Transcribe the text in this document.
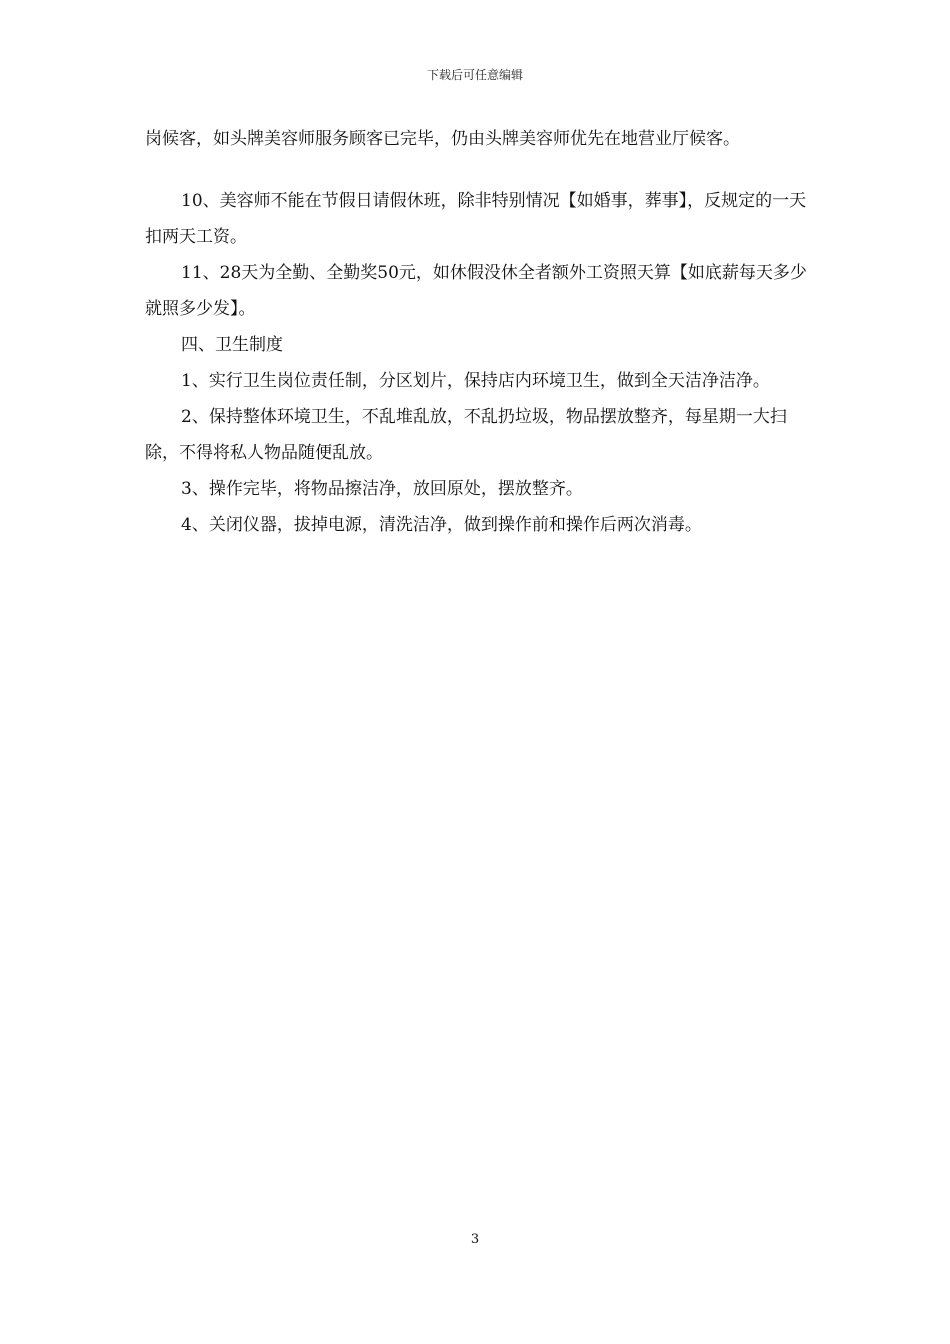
下载后可任意编辑

岗候客，如头牌美容师服务顾客已完毕，仍由头牌美容师优先在地营业厅候客。

10、美容师不能在节假日请假休班，除非特别情况【如婚事，葬事】，反规定的一天扣两天工资。

11、28天为全勤、全勤奖50元，如休假没休全者额外工资照天算【如底薪每天多少就照多少发】。

四、卫生制度

1、实行卫生岗位责任制，分区划片，保持店内环境卫生，做到全天洁净洁净。

2、保持整体环境卫生，不乱堆乱放，不乱扔垃圾，物品摆放整齐，每星期一大扫除，不得将私人物品随便乱放。

3、操作完毕，将物品擦洁净，放回原处，摆放整齐。

4、关闭仪器，拔掉电源，清洗洁净，做到操作前和操作后两次消毒。

3
